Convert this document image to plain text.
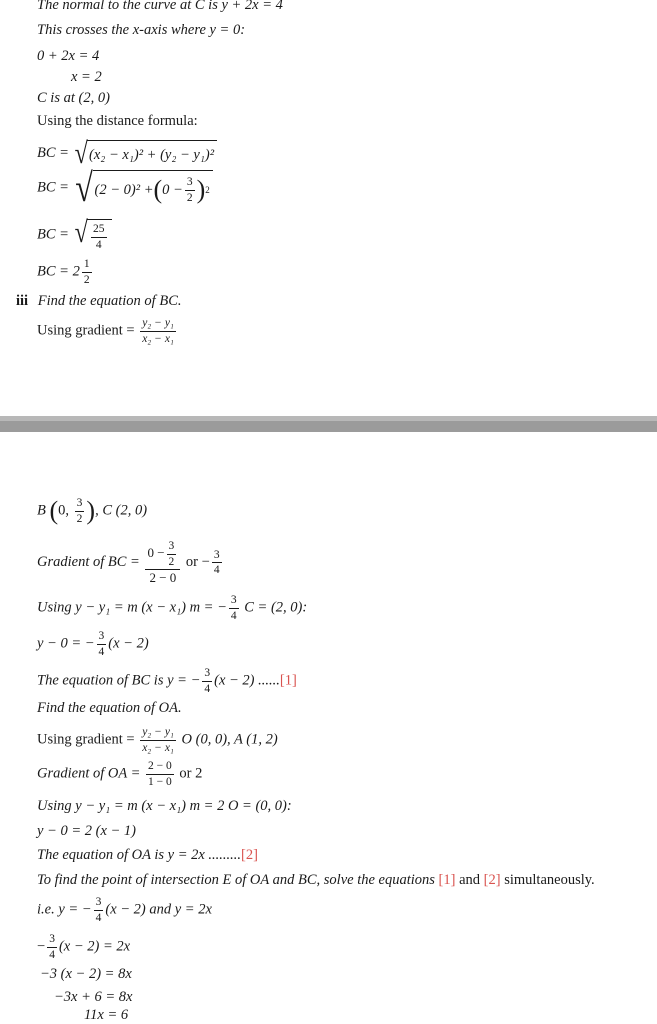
The normal to the curve at C is y + 2x = 4
This crosses the x-axis where y = 0:
0 + 2x = 4
x = 2
C is at (2, 0)
Using the distance formula:
BC = √ (x₂ − x₁)² + (y₂ − y₁)²
BC = √ (2 − 0)² + ( $0 - \frac{3}{2}$ ) 2
BC = √ $\frac{25}{4}$
BC = $2 \frac{1}{2}$
iii Find the equation of BC.
Using gradient = $\frac{\text{y₂ − y₁}}{\text{x₂ − x₁}}$
B (0, $\frac{3}{2}$ ), C (2, 0)
Gradient of BC = $\frac{0 - \frac{3}{2}}{2 - 0}$ or − $\frac{3}{4}$
Using y − y₁ = m (x − x₁) m = − $\frac{3}{4}$ C = (2, 0):
y − 0 = − $\frac{3}{4} (x - 2)$
The equation of BC is y = − $\frac{3}{4} (x - 2)$ ......[1]
Find the equation of OA.
Using gradient = $\frac{\text{y₂ − y₁}}{\text{x₂ − x₁}}$ O (0, 0), A (1, 2)
Gradient of OA = $\frac{2 - 0}{1 - 0}$ or 2
Using y − y₁ = m (x − x₁) m = 2 O = (0, 0):
y − 0 = 2 (x − 1)
The equation of OA is y = 2x .........[2]
To find the point of intersection E of OA and BC, solve the equations [1] and [2] simultaneously.
i.e. y = − $\frac{3}{4} (x - 2)$ and y = 2x
− $\frac{3}{4} (x - 2) = 2x$
−3 (x − 2) = 8x
−3x + 6 = 8x
11x = 6
